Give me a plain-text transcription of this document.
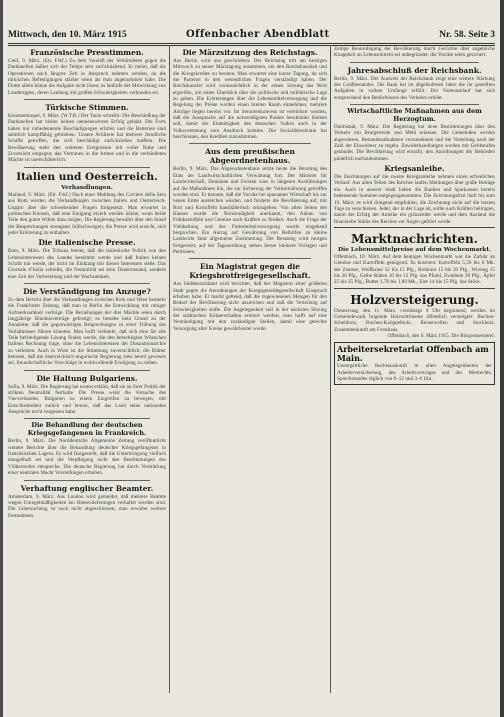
Mittwoch, den 10. März 1915	Offenbacher Abendblatt	Nr. 58. Seite 3
Französische Presstimmen.

Genf, 9. März. (Etr. Frkf.) Zu dem Vorstoß der Verbündeten gegen die Dardanellen äußert sich der Temps sehr zurückhaltend. Er meint, daß die Operationen noch längere Zeit in Anspruch nehmen werden, da die türkischen Befestigungen stärker seien als man angenommen habe. Die Flotte allein könne die Aufgabe nicht lösen; es bedürfe der Mitwirkung von Landtruppen, deren Landung mit großen Schwierigkeiten verbunden sei.

Türkische Stimmen.

Konstantinopel, 9. März. (W.T.B.) Der Tanin schreibt: Die Beschießung der Dardanellen hat bisher keinen nennenswerten Erfolg gehabt. Die Forts haben nur unbedeutende Beschädigungen erlitten und die Batterien sind sämtlich kampffähig geblieben. Unsere Artillerie hat mehrere feindliche Schiffe getroffen, die sich beschädigt zurückziehen mußten. Die Bevölkerung sieht den weiteren Ereignissen mit voller Ruhe und Zuversicht entgegen; das Vertrauen in die Armee und in die verbündeten Mächte ist unerschütterlich.

Italien und Oesterreich.
Verhandlungen.

Mailand, 9. März. (Etr. Frkf.) Nach einer Meldung des Corriere della Sera aus Rom werden die Verhandlungen zwischen Italien und Oesterreich-Ungarn über die schwebenden Fragen fortgesetzt. Man erwartet in politischen Kreisen, daß eine Einigung erzielt werden könne, wenn beide Teile den guten Willen dazu zeigen. Die Regierung bewahrt über den Stand der Besprechungen strengstes Stillschweigen; die Presse wird ersucht, sich jeder Erörterung zu enthalten.

Die italienische Presse.

Rom, 9. März. Die Tribuna betont, daß die italienische Politik von den Lebensinteressen des Landes bestimmt werde und daß Italien keinen Schritt tun werde, der nicht im Einklang mit diesen Interessen stehe. Das Giornale d’Italia schreibt, die Neutralität sei kein Dauerzustand, sondern eine Zeit der Vorbereitung und der Wachsamkeit.

Die Verständigung im Anzuge?

Zu dem Bericht über die Verhandlungen zwischen Rom und Wien bemerkt die Frankfurter Zeitung, daß man in Berlin die Entwicklung mit ruhiger Aufmerksamkeit verfolge. Die Beziehungen der drei Mächte seien durch langjährige Bündnisverträge gefestigt; es bestehe kein Grund zu der Annahme, daß die gegenwärtigen Besprechungen zu einer Trübung des Verhältnisses führen könnten. Man hofft vielmehr, daß sich eine für alle Teile befriedigende Lösung finden werde, die den berechtigten Wünschen Italiens Rechnung trage, ohne die Lebensinteressen der Donaumonarchie zu verletzen. Auch in Wien ist die Stimmung zuversichtlich; die Blätter betonen, daß die österreichisch-ungarische Regierung stets bereit gewesen sei, freundschaftliche Vorschläge in wohlwollende Erwägung zu ziehen.

Die Haltung Bulgariens.

Sofia, 9. März. Die Regierung hat erneut erklärt, daß sie an ihrer Politik der strikten Neutralität festhalte. Die Presse weist die Versuche des Vierverbandes, Bulgarien zu einem Eingreifen zu bewegen, mit Entschiedenheit zurück und betont, daß das Land seine nationalen Ansprüche nicht vergessen habe.

Die Behandlung der deutschen Kriegsgefangenen in Frankreich.

Berlin, 9. März. Die Norddeutsche Allgemeine Zeitung veröffentlicht weitere Berichte über die Behandlung deutscher Kriegsgefangener in französischen Lagern. Es wird festgestellt, daß die Unterbringung vielfach mangelhaft sei und die Verpflegung nicht den Bestimmungen des Völkerrechts entspreche. Die deutsche Regierung hat durch Vermittlung einer neutralen Macht Vorstellungen erhoben.

Verhaftung englischer Beamter.

Amsterdam, 9. März. Aus London wird gemeldet, daß mehrere Beamte wegen Unregelmäßigkeiten bei Heereslieferungen verhaftet worden sind. Die Untersuchung ist noch nicht abgeschlossen; man erwartet weitere Festnahmen.

Die Märzsitzung des Reichstags.

Aus Berlin wird uns geschrieben: Der Reichstag tritt am heutigen Mittwoch zu seiner Märztagung zusammen, um den Reichshaushalt und die Kriegskredite zu beraten. Man erwartet eine kurze Tagung, da sich die Parteien in den wesentlichen Fragen verständigt haben. Der Reichskanzler wird voraussichtlich in der ersten Sitzung das Wort ergreifen, um einen Überblick über die politische und militärische Lage zu geben. Die Erörterungen über die Lebensmittelversorgung und die Regelung der Preise werden einen breiten Raum einnehmen; mehrere Anträge liegen bereits vor. Im Seniorenkonvent ist vereinbart worden, daß die Aussprache auf die notwendigsten Punkte beschränkt bleiben soll, damit die Einmütigkeit des deutschen Volkes auch in der Volksvertretung zum Ausdruck komme. Die Sozialdemokratie hat beschlossen, den Krediten zuzustimmen.

Aus dem preußischen Abgeordnetenhaus.

Berlin, 9. März. Das Abgeordnetenhaus setzte heute die Beratung des Etats der Landwirtschaftlichen Verwaltung fort. Der Minister für Landwirtschaft, Domänen und Forsten wies in längeren Ausführungen auf die Maßnahmen hin, die zur Sicherung der Volksernährung getroffen worden sind. Er betonte, daß die Vorräte bei sparsamer Wirtschaft bis zur neuen Ernte ausreichen würden, und forderte die Bevölkerung auf, mit Brot und Kartoffeln haushälterisch umzugehen. Von allen Seiten des Hauses wurde die Notwendigkeit anerkannt, den Anbau von Frühkartoffeln und Gemüse nach Kräften zu fördern. Auch die Frage der Viehhaltung und der Futtermittelversorgung wurde eingehend besprochen. Ein Antrag auf Gewährung von Beihilfen an kleine Landwirte fand allgemeine Zustimmung. Die Beratung wird morgen fortgesetzt; auf der Tagesordnung stehen ferner kleinere Vorlagen und Petitionen.

Ein Magistrat gegen die Kriegsbrotfreigegesellschaft.

Aus Süddeutschland wird berichtet, daß der Magistrat einer größeren Stadt gegen die Anordnungen der Kriegsgetreidegesellschaft Einspruch erhoben habe. Er macht geltend, daß die zugewiesenen Mengen für den Bedarf der Bevölkerung nicht ausreichen und daß die Verteilung auf Schwierigkeiten stoße. Die Angelegenheit soll in der nächsten Sitzung der städtischen Körperschaften erörtert werden; man hofft auf eine Verständigung mit den zuständigen Stellen, damit eine gerechte Versorgung aller Kreise gewährleistet werde.

Zeitige Beunruhigung der Bevölkerung durch Gerüchte über angebliche Knappheit an Lebensmitteln sei unbegründet; die Vorräte seien gesichert.

Jahresabschluß der Reichsbank.

Berlin, 9. März. Der Ausweis der Reichsbank zeigt eine weitere Stärkung des Goldbestandes. Die Bank hat im abgelaufenen Jahre die ihr gestellten Aufgaben in vollem Umfange erfüllt. Der Notenumlauf hat sich entsprechend den Bedürfnissen des Verkehrs erhöht.

Wirtschaftliche Maßnahmen aus dem Herzogtum.

Darmstadt, 9. März. Die Regierung hat neue Bestimmungen über den Verkehr mit Brotgetreide und Mehl erlassen. Die Gemeinden werden angewiesen, Bestandsaufnahmen vorzunehmen und die Verteilung nach der Zahl der Einwohner zu regeln. Zuwiderhandlungen werden mit Geldstrafen geahndet. Die Bevölkerung wird ersucht, den Anordnungen der Behörden pünktlich nachzukommen.

Kriegsanleihe.

Die Zeichnungen auf die zweite Kriegsanleihe nehmen einen erfreulichen Verlauf. Aus allen Teilen des Reiches laufen Meldungen über große Beträge ein. Auch in unserer Stadt haben die Banken und Sparkassen bereits bedeutende Summen entgegengenommen. Die Zeichnungsfrist läuft bis zum 19. März; es wird dringend empfohlen, die Zeichnung nicht auf die letzten Tage zu verschieben. Jeder, der in der Lage ist, sollte nach Kräften beitragen, damit der Erfolg der Anleihe ein glänzender werde und dem Ausland die finanzielle Stärke des Reiches vor Augen geführt werde.

Marktnachrichten.
Die Lebensmittelpreise auf dem Wochenmarkt.

Offenbach, 10. März. Auf dem heutigen Wochenmarkt war die Zufuhr an Gemüse und Kartoffeln genügend. Es kosteten: Kartoffeln 5,50 bis 6 Mk. der Zentner, Weißkraut 12 bis 15 Pfg., Rotkraut 15 bis 20 Pfg., Wirsing 15 bis 20 Pfg., Gelbe Rüben 10 bis 12 Pfg. das Pfund, Zwiebeln 20 Pfg., Äpfel 25 bis 35 Pfg., Butter 1,70 bis 1,80 Mk., Eier 14 bis 15 Pfg. das Stück.

Holzversteigerung.

Donnerstag, den 11. März, vormittags 9 Uhr beginnend, werden im Gemeindewald folgende Holzsortimente öffentlich versteigert: Buchen-Scheitholz, Buchen-Knüppelholz, Reiserwellen und Stockholz. Zusammenkunft am Forsthaus.

Offenbach, den 6. März 1915. Die Bürgermeisterei.

Arbeitersekretariat Offenbach am Main.

Unentgeltliche Rechtsauskunft in allen Angelegenheiten der Arbeiterversicherung, des Arbeitsvertrages und des Mietrechts. Sprechstunden täglich von 9–12 und 3–6 Uhr.
